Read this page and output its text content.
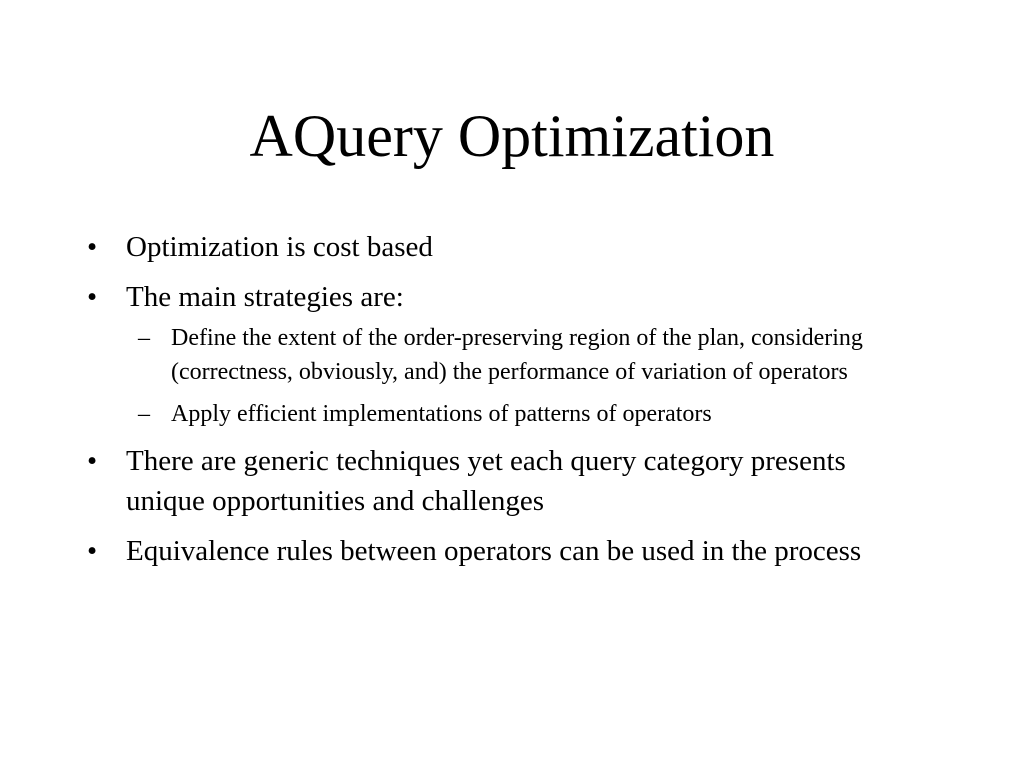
AQuery Optimization
• Optimization is cost based
• The main strategies are:
– Define the extent of the order-preserving region of the plan, considering (correctness, obviously, and) the performance of variation of operators
– Apply efficient implementations of patterns of operators
• There are generic techniques yet each query category presents unique opportunities and challenges
• Equivalence rules between operators can be used in the process
